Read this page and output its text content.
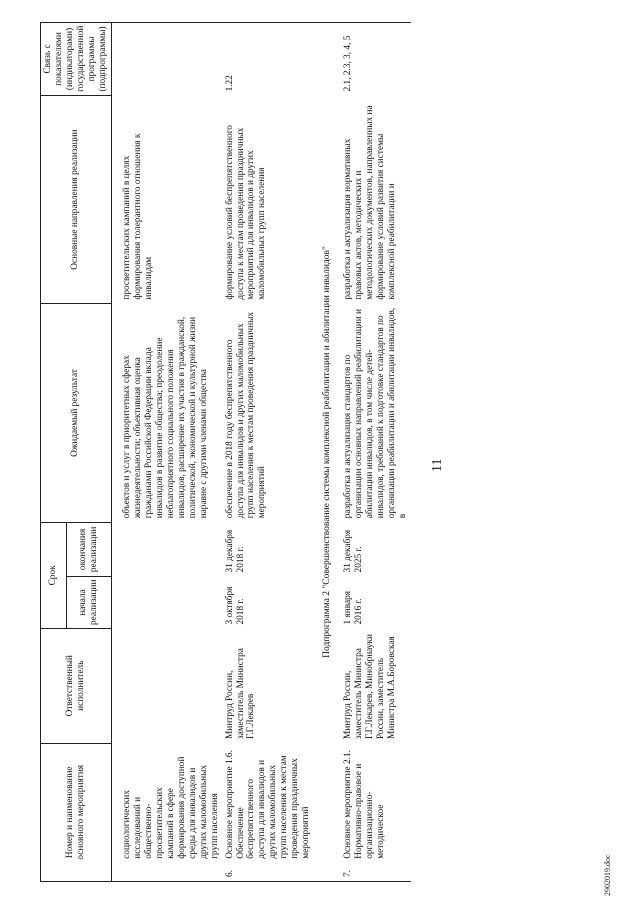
11
Номер и наименование основного мероприятия		Ответственный исполнитель	Срок		Ожидаемый результат	Основные направления реализации	Связь с показателями (индикаторами) государственной программы (подпрограммы)
			начала реализации	окончания реализации			

	социологических исследований и общественно-просветительских кампаний в сфере формирования доступной среды для инвалидов и других маломобильных групп населения				объектов и услуг в приоритетных сферах жизнедеятельности; объективная оценка гражданами Российской Федерации вклада инвалидов в развитие общества; преодоление неблагоприятного социального положения инвалидов, расширение их участия в гражданской, политической, экономической и культурной жизни наравне с другими членами общества	просветительских кампаний в целях формирования толерантного отношения к инвалидам	
6.	Основное мероприятие 1.6. Обеспечение беспрепятственного доступа для инвалидов и других маломобильных групп населения к местам проведения праздничных мероприятий	Минтруд России, заместитель Министра Г.Г.Лекарев	3 октября 2018 г.	31 декабря 2018 г.	обеспечение в 2018 году беспрепятственного доступа для инвалидов и других маломобильных групп населения к местам проведения праздничных мероприятий	формирование условий беспрепятственного доступа к местам проведения праздничных мероприятий для инвалидов и других маломобильных групп населения	1.22
Подпрограмма 2 "Совершенствование системы комплексной реабилитации и абилитации инвалидов"							
7.	Основное мероприятие 2.1. Нормативно-правовое и организационно-методическое	Минтруд России, заместитель Министра Г.Г.Лекарев, Минобрнауки России, заместитель Министра М.А.Боровская	1 января 2016 г.	31 декабря 2025 г.	разработка и актуализация стандартов по организации основных направлений реабилитации и абилитации инвалидов, в том числе детей-инвалидов, требований к подготовке стандартов по организации реабилитации и абилитации инвалидов, в	разработка и актуализация нормативных правовых актов, методических и методологических документов, направленных на формирование условий развития системы комплексной реабилитации и	2.1, 2.3, 3, 4, 5
2902019.doc
